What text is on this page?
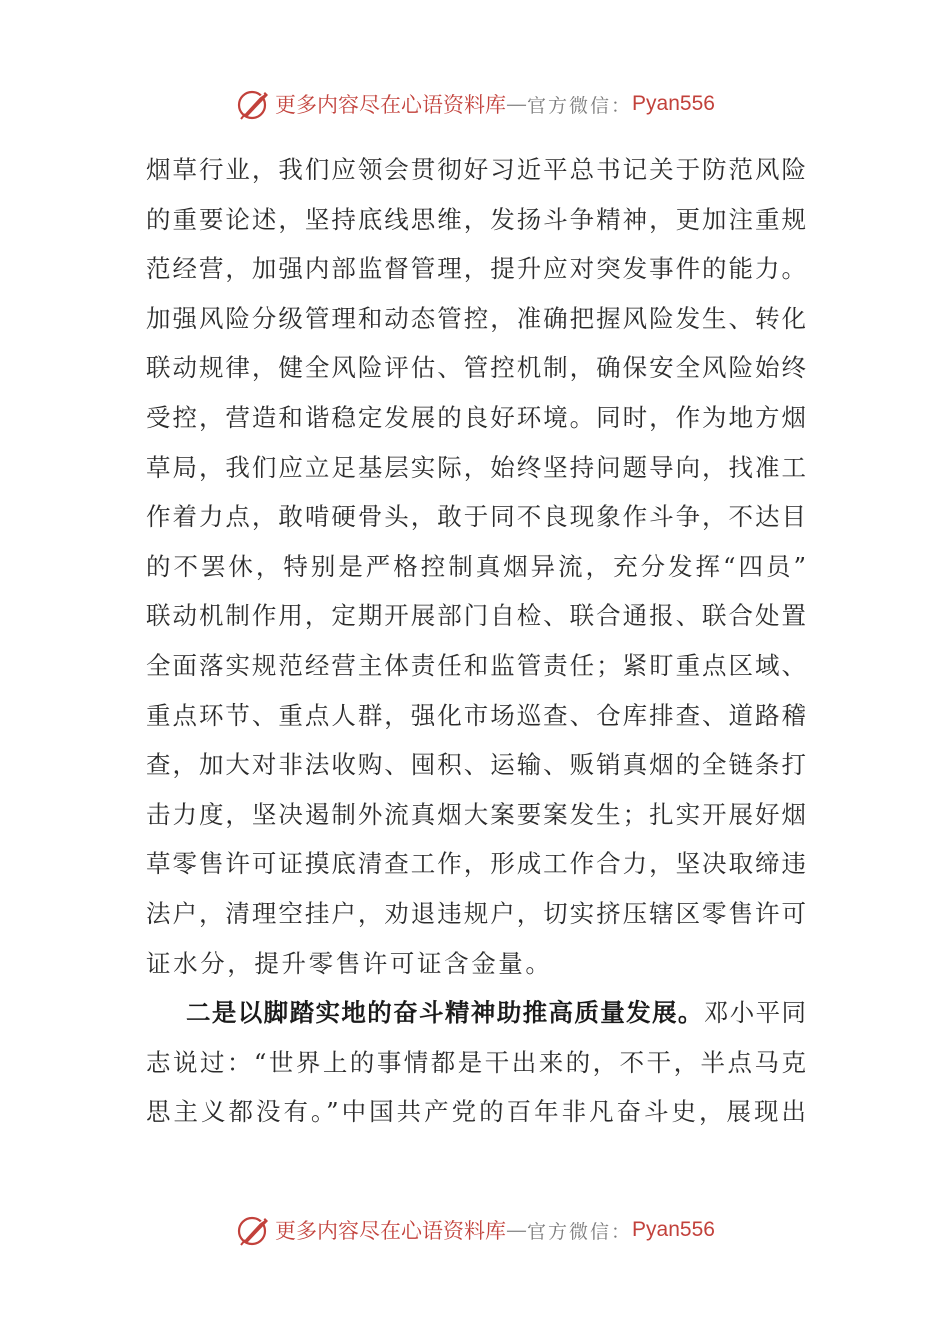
更多内容尽在心语资料库 — 官方微信： Pyan556
烟草行业，我们应领会贯彻好习近平总书记关于防范风险
的重要论述，坚持底线思维，发扬斗争精神，更加注重规
范经营，加强内部监督管理，提升应对突发事件的能力。
加强风险分级管理和动态管控，准确把握风险发生、转化
联动规律，健全风险评估、管控机制，确保安全风险始终
受控，营造和谐稳定发展的良好环境。同时，作为地方烟
草局，我们应立足基层实际，始终坚持问题导向，找准工
作着力点，敢啃硬骨头，敢于同不良现象作斗争，不达目
的不罢休，特别是严格控制真烟异流，充分发挥“四员”
联动机制作用，定期开展部门自检、联合通报、联合处置
全面落实规范经营主体责任和监管责任；紧盯重点区域、
重点环节、重点人群，强化市场巡查、仓库排查、道路稽
查，加大对非法收购、囤积、运输、贩销真烟的全链条打
击力度，坚决遏制外流真烟大案要案发生；扎实开展好烟
草零售许可证摸底清查工作，形成工作合力，坚决取缔违
法户，清理空挂户，劝退违规户，切实挤压辖区零售许可
证水分，提升零售许可证含金量。
二是以脚踏实地的奋斗精神助推高质量发展。邓小平同
志说过：“世界上的事情都是干出来的，不干，半点马克
思主义都没有。”中国共产党的百年非凡奋斗史，展现出
更多内容尽在心语资料库 — 官方微信： Pyan556
